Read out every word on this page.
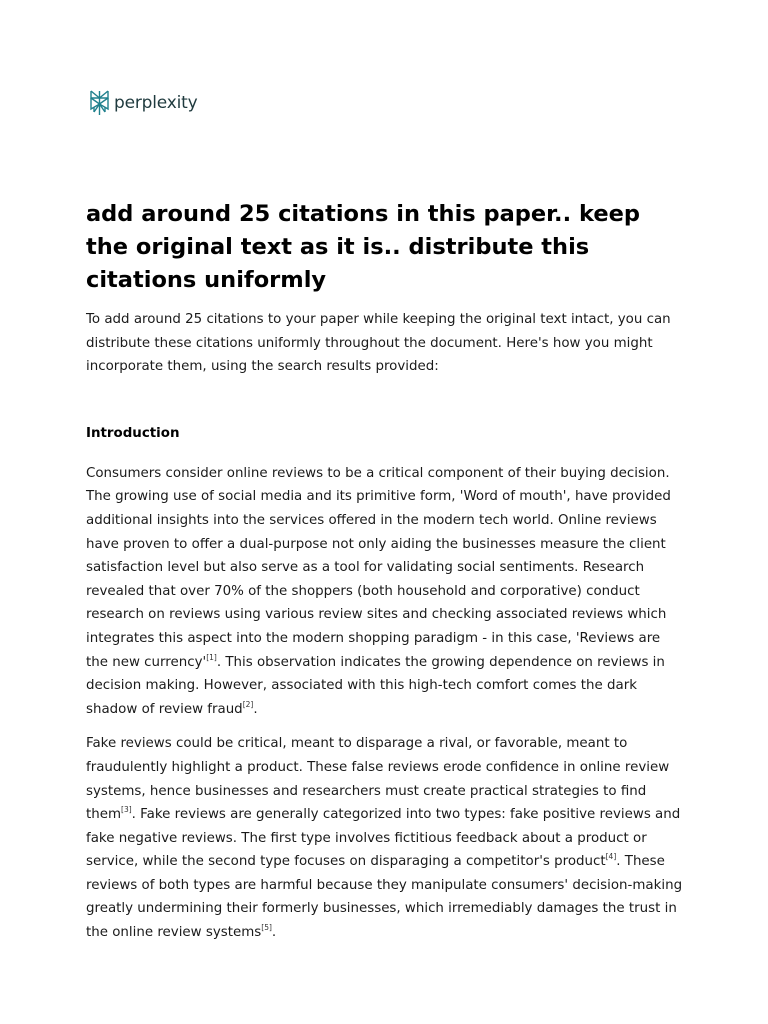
perplexity
add around 25 citations in this paper.. keep the original text as it is.. distribute this citations uniformly

To add around 25 citations to your paper while keeping the original text intact, you can distribute these citations uniformly throughout the document. Here's how you might incorporate them, using the search results provided:

Introduction

Consumers consider online reviews to be a critical component of their buying decision. The growing use of social media and its primitive form, 'Word of mouth', have provided additional insights into the services offered in the modern tech world. Online reviews have proven to offer a dual-purpose not only aiding the businesses measure the client satisfaction level but also serve as a tool for validating social sentiments. Research revealed that over 70% of the shoppers (both household and corporative) conduct research on reviews using various review sites and checking associated reviews which integrates this aspect into the modern shopping paradigm - in this case, 'Reviews are the new currency'[1]. This observation indicates the growing dependence on reviews in decision making. However, associated with this high-tech comfort comes the dark shadow of review fraud[2].

Fake reviews could be critical, meant to disparage a rival, or favorable, meant to fraudulently highlight a product. These false reviews erode confidence in online review systems, hence businesses and researchers must create practical strategies to find them[3]. Fake reviews are generally categorized into two types: fake positive reviews and fake negative reviews. The first type involves fictitious feedback about a product or service, while the second type focuses on disparaging a competitor's product[4]. These reviews of both types are harmful because they manipulate consumers' decision-making greatly undermining their formerly businesses, which irremediably damages the trust in the online review systems[5].
